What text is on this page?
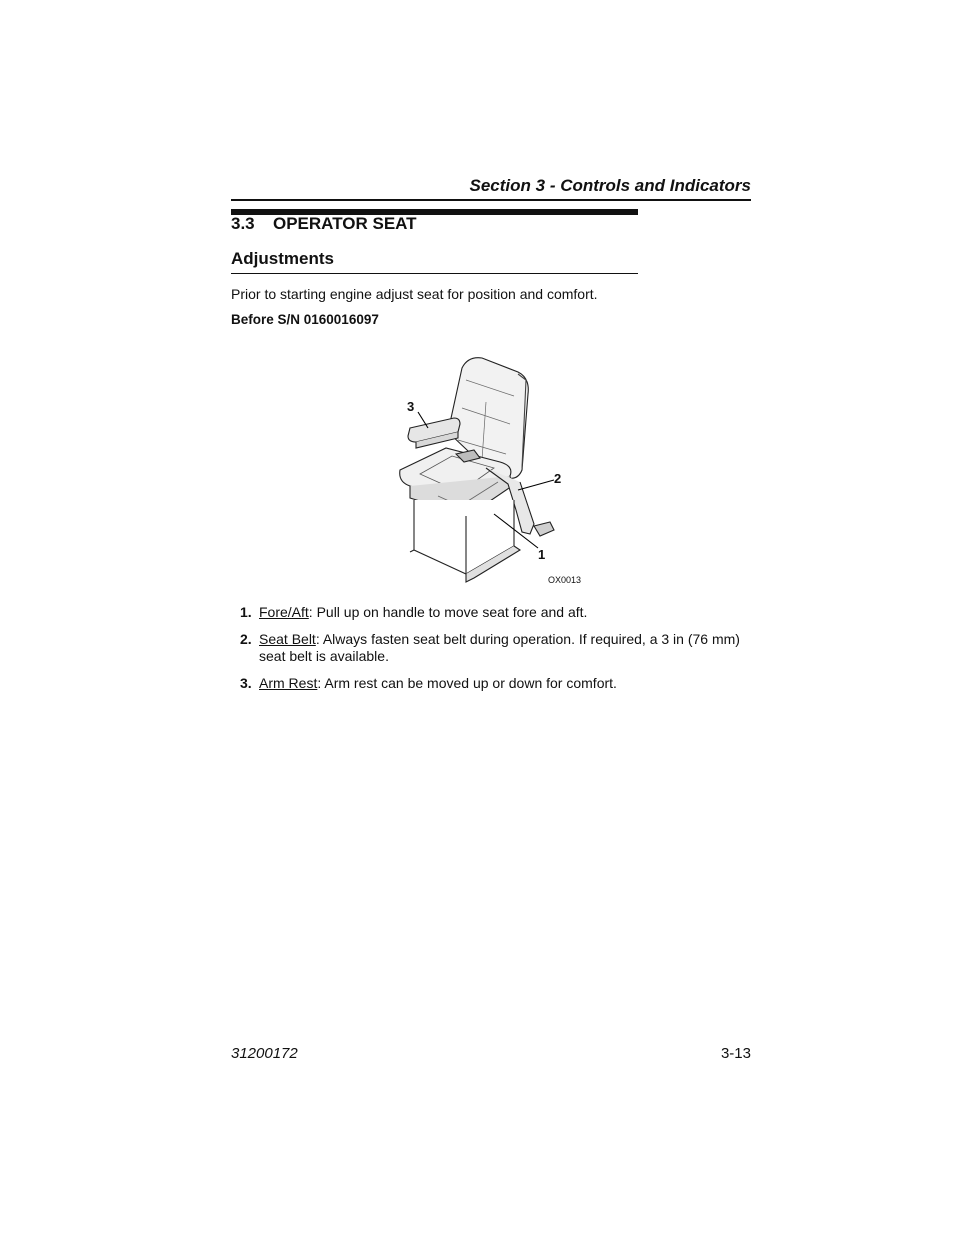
Section 3 - Controls and Indicators
3.3 OPERATOR SEAT
Adjustments
Prior to starting engine adjust seat for position and comfort.
Before S/N 0160016097
3
2
1
OX0013
1. Fore/Aft: Pull up on handle to move seat fore and aft.
2. Seat Belt: Always fasten seat belt during operation. If required, a 3 in (76 mm) seat belt is available.
3. Arm Rest: Arm rest can be moved up or down for comfort.
31200172	3-13
